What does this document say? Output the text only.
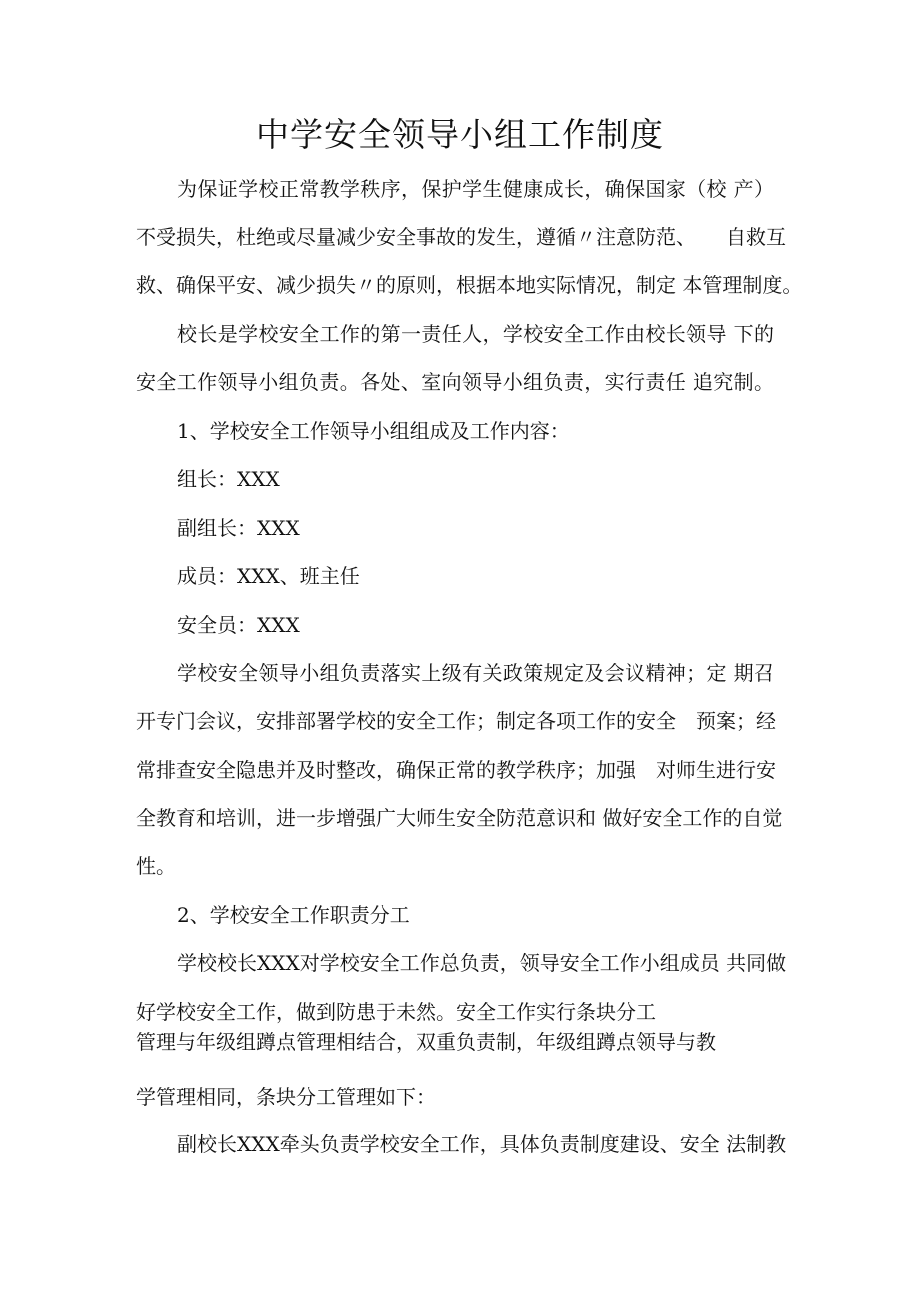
中学安全领导小组工作制度
为保证学校正常教学秩序，保护学生健康成长，确保国家（校 产）
不受损失，杜绝或尽量减少安全事故的发生，遵循〃注意防范、　　自救互
救、确保平安、减少损失〃的原则，根据本地实际情况，制定 本管理制度。
校长是学校安全工作的第一责任人，学校安全工作由校长领导 下的
安全工作领导小组负责。各处、室向领导小组负责，实行责任 追究制。
1、学校安全工作领导小组组成及工作内容：
组长：XXX
副组长：XXX
成员：XXX、班主任
安全员：XXX
学校安全领导小组负责落实上级有关政策规定及会议精神；定 期召
开专门会议，安排部署学校的安全工作；制定各项工作的安全　预案；经
常排查安全隐患并及时整改，确保正常的教学秩序；加强　对师生进行安
全教育和培训，进一步增强广大师生安全防范意识和 做好安全工作的自觉
性。
2、学校安全工作职责分工
学校校长XXX对学校安全工作总负责，领导安全工作小组成员 共同做
好学校安全工作，做到防患于未然。安全工作实行条块分工
管理与年级组蹲点管理相结合，双重负责制，年级组蹲点领导与教
学管理相同，条块分工管理如下：
副校长XXX牵头负责学校安全工作，具体负责制度建设、安全 法制教
